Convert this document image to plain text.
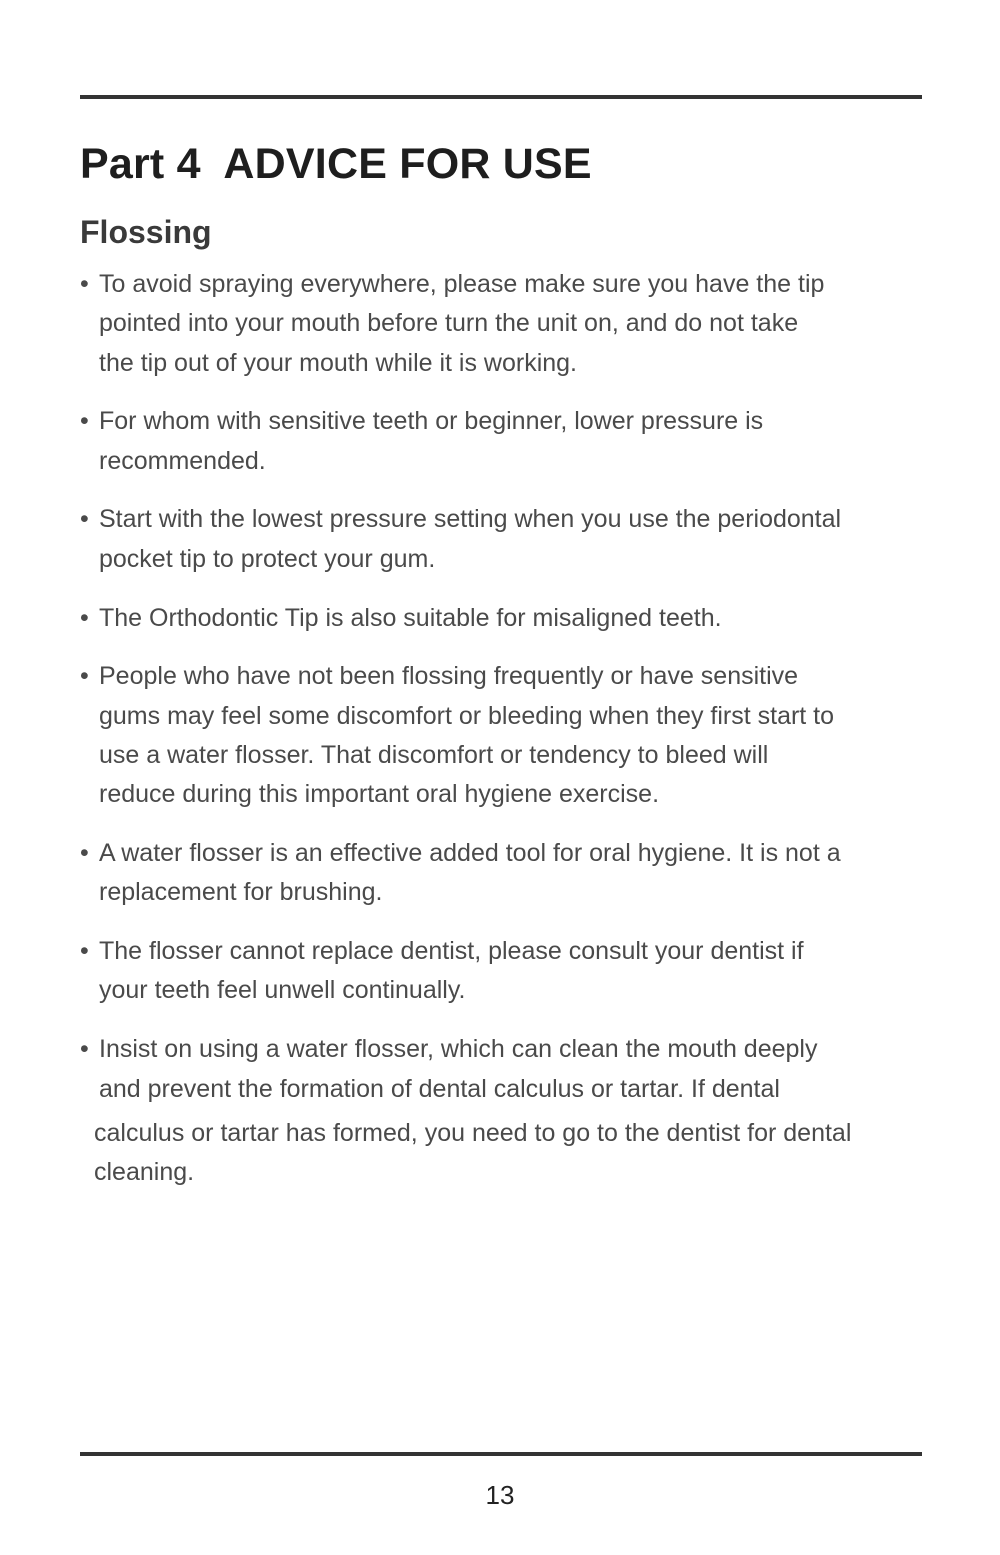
Part 4  ADVICE FOR USE
Flossing
• To avoid spraying everywhere, please make sure you have the tip
pointed into your mouth before turn the unit on, and do not take
the tip out of your mouth while it is working.
• For whom with sensitive teeth or beginner, lower pressure is
recommended.
• Start with the lowest pressure setting when you use the periodontal
pocket tip to protect your gum.
• The Orthodontic Tip is also suitable for misaligned teeth.
• People who have not been flossing frequently or have sensitive
gums may feel some discomfort or bleeding when they first start to
use a water flosser. That discomfort or tendency to bleed will
reduce during this important oral hygiene exercise.
• A water flosser is an effective added tool for oral hygiene. It is not a
replacement for brushing.
• The flosser cannot replace dentist, please consult your dentist if
your teeth feel unwell continually.
• Insist on using a water flosser, which can clean the mouth deeply
and prevent the formation of dental calculus or tartar. If dental
calculus or tartar has formed, you need to go to the dentist for dental
cleaning.
13
